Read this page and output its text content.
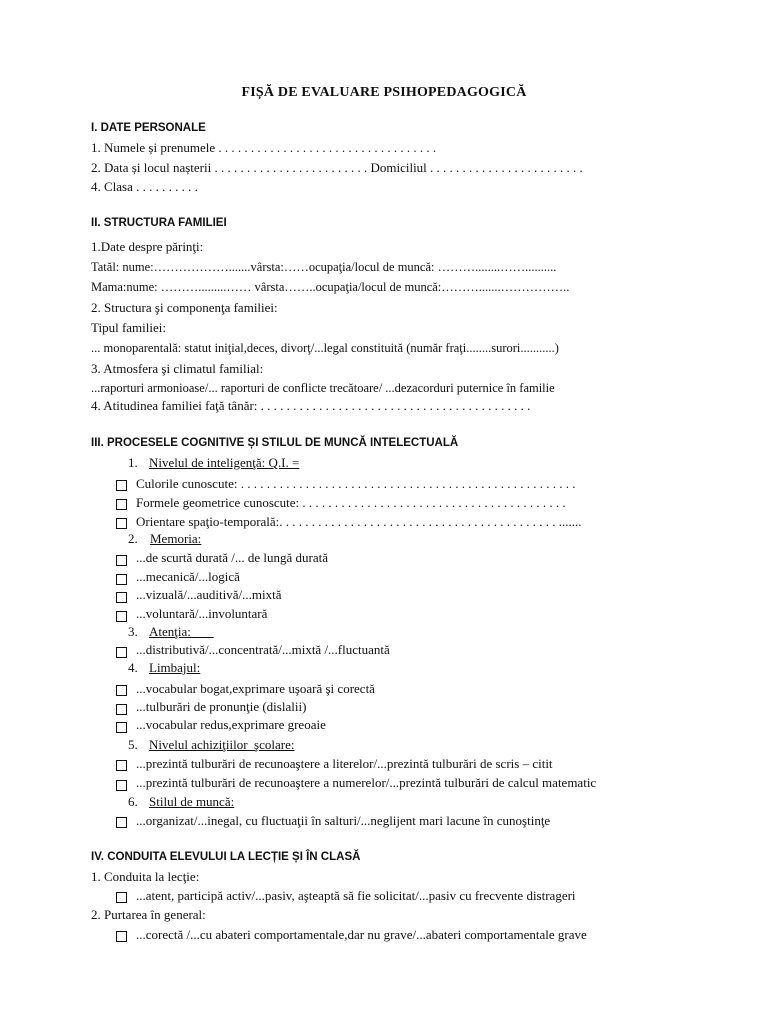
FIȘĂ DE EVALUARE PSIHOPEDAGOGICĂ
I. DATE PERSONALE
1. Numele și prenumele . . . . . . . . . . . . . . . . . . . . . . . . . . . . . . . . . .
2. Data și locul nașterii . . . . . . . . . . . . . . . . . . . . . . . . Domiciliul . . . . . . . . . . . . . . . . . . . . . . . .
4. Clasa . . . . . . . . . .
II. STRUCTURA FAMILIEI
1.Date despre părinţi:
Tatăl: nume:……………….......vârsta:……ocupaţia/locul de muncă: ………........……..........
Mama:nume: ……….........…… vârsta……..ocupaţia/locul de muncă:……….......……………..
2. Structura şi componenţa familiei:
Tipul familiei:
... monoparentală: statut iniţial,deces, divorţ/...legal constituită (număr fraţi........surori...........)
3. Atmosfera şi climatul familial:
...raporturi armonioase/... raporturi de conflicte trecătoare/ ...dezacorduri puternice în familie
4. Atitudinea familiei faţă tânăr: . . . . . . . . . . . . . . . . . . . . . . . . . . . . . . . . . . . . . . . . . .
III. PROCESELE COGNITIVE ȘI STILUL DE MUNCĂ INTELECTUALĂ
1. Nivelul de inteligenţă: Q.I. =
Culorile cunoscute: . . . . . . . . . . . . . . . . . . . . . . . . . . . . . . . . . . . . . . . . . . . . . . . . . . . .
Formele geometrice cunoscute: . . . . . . . . . . . . . . . . . . . . . . . . . . . . . . . . . . . . . . . . .
Orientare spaţio-temporală:. . . . . . . . . . . . . . . . . . . . . . . . . . . . . . . . . . . . . . . . . . . .......
2. Memoria:
...de scurtă durată /... de lungă durată
...mecanică/...logică
...vizuală/...auditivă/...mixtă
...voluntară/...involuntară
3. Atenţia:
...distributivă/...concentrată/...mixtă /...fluctuantă
4. Limbajul:
...vocabular bogat,exprimare uşoară şi corectă
...tulburări de pronunţie (dislalii)
...vocabular redus,exprimare greoaie
5. Nivelul achiziţiilor  şcolare:
...prezintă tulburări de recunoaştere a literelor/...prezintă tulburări de scris – citit
...prezintă tulburări de recunoaştere a numerelor/...prezintă tulburări de calcul matematic
6. Stilul de muncă:
...organizat/...inegal, cu fluctuaţii în salturi/...neglijent mari lacune în cunoştinţe
IV. CONDUITA ELEVULUI LA LECȚIE ȘI ÎN CLASĂ
1. Conduita la lecţie:
...atent, participă activ/...pasiv, aşteaptă să fie solicitat/...pasiv cu frecvente distrageri
2. Purtarea în general:
...corectă /...cu abateri comportamentale,dar nu grave/...abateri comportamentale grave
